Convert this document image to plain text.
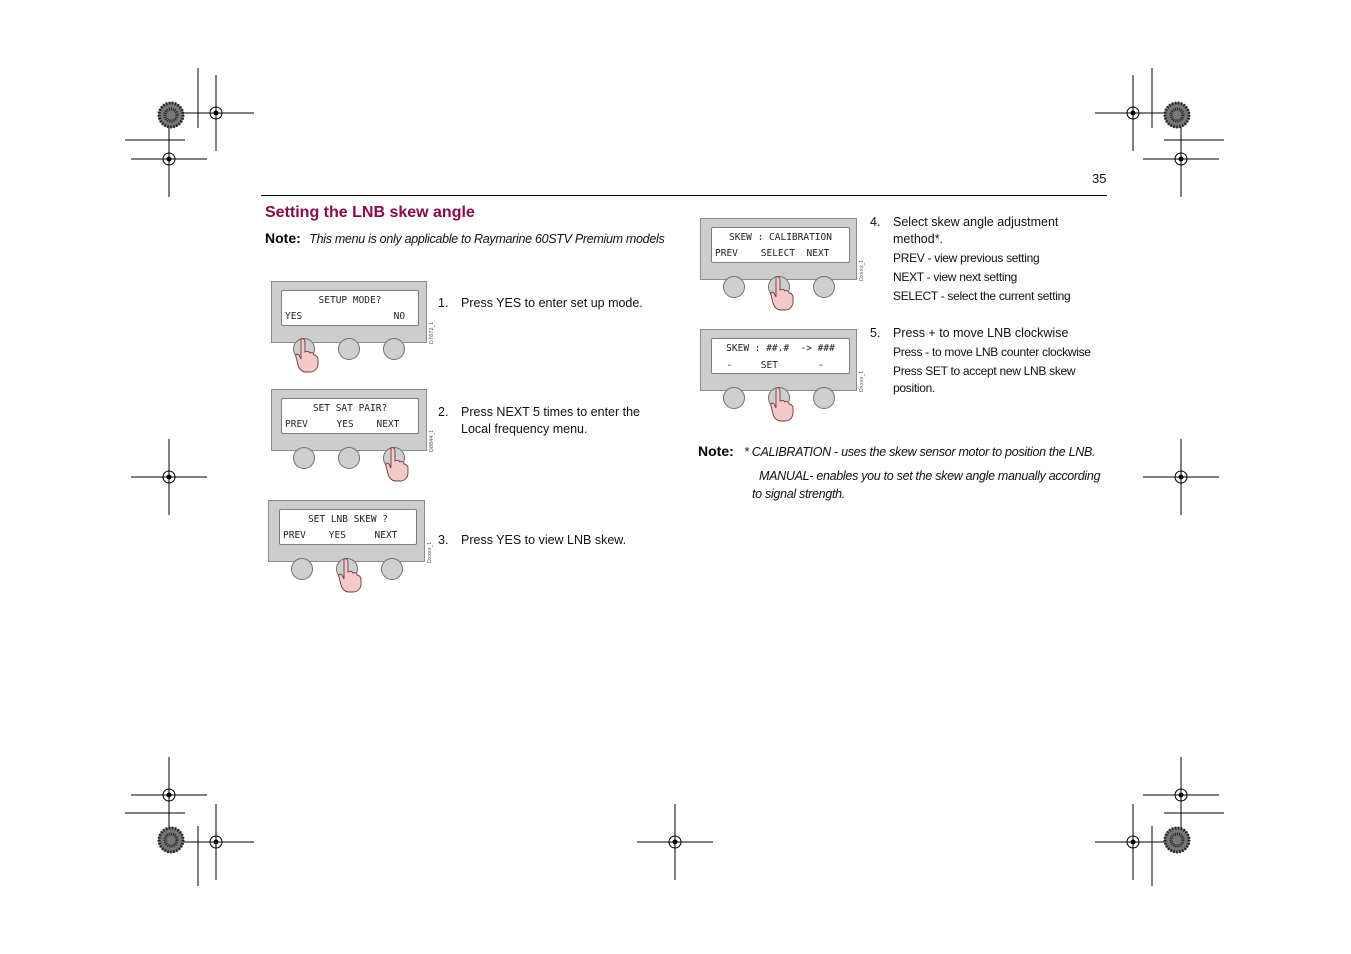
35
Setting the LNB skew angle
Note: This menu is only applicable to Raymarine 60STV Premium models
SETUP MODE?
YES                NO
D7872_1
SET SAT PAIR?
PREV     YES    NEXT
D8844_1
SET LNB SKEW ?
PREV    YES     NEXT
Dxxxx_1
SKEW : CALIBRATION
PREV    SELECT  NEXT
Dxxxx_1
SKEW : ##.#  -> ###
-     SET       -
Dxxxx_1
1. Press YES to enter set up mode.
2. Press NEXT 5 times to enter the
Local frequency menu.
3. Press YES to view LNB skew.
4. Select skew angle adjustment
method*.
PREV - view previous setting
NEXT - view next setting
SELECT - select the current setting
5. Press + to move LNB clockwise
Press - to move LNB counter clockwise
Press SET to accept new LNB skew
position.
Note: * CALIBRATION - uses the skew sensor motor to position the LNB.
MANUAL- enables you to set the skew angle manually according
to signal strength.
